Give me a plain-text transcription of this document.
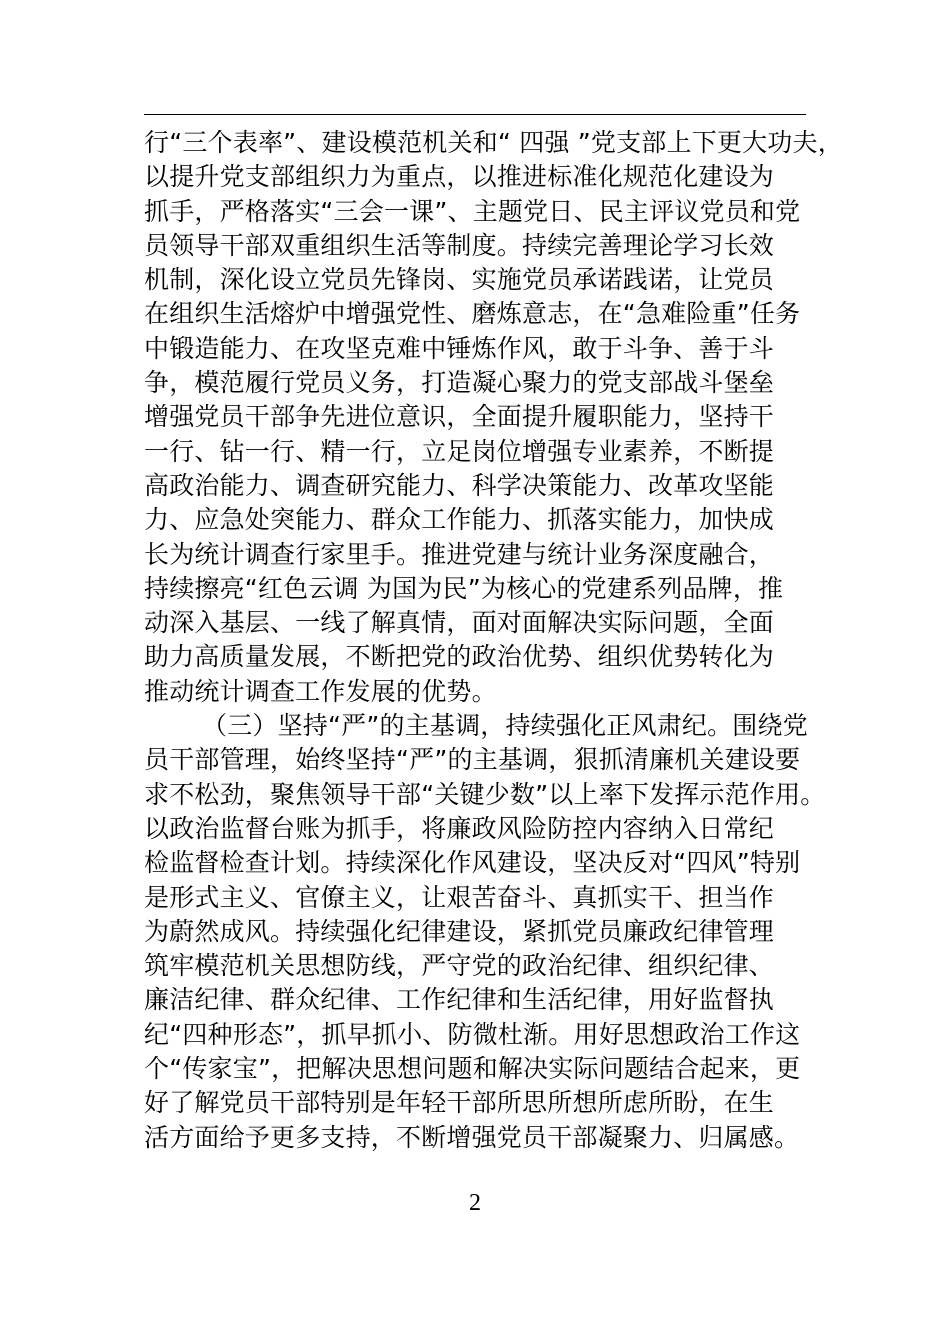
行“三个表率”、建设模范机关和“ 四强 ”党支部上下更大功夫，
以提升党支部组织力为重点，以推进标准化规范化建设为
抓手，严格落实“三会一课”、主题党日、民主评议党员和党
员领导干部双重组织生活等制度。持续完善理论学习长效
机制，深化设立党员先锋岗、实施党员承诺践诺，让党员
在组织生活熔炉中增强党性、磨炼意志，在“急难险重”任务
中锻造能力、在攻坚克难中锤炼作风，敢于斗争、善于斗
争，模范履行党员义务，打造凝心聚力的党支部战斗堡垒
增强党员干部争先进位意识，全面提升履职能力，坚持干
一行、钻一行、精一行，立足岗位增强专业素养，不断提
高政治能力、调查研究能力、科学决策能力、改革攻坚能
力、应急处突能力、群众工作能力、抓落实能力，加快成
长为统计调查行家里手。推进党建与统计业务深度融合，
持续擦亮“红色云调 为国为民”为核心的党建系列品牌，推
动深入基层、一线了解真情，面对面解决实际问题，全面
助力高质量发展，不断把党的政治优势、组织优势转化为
推动统计调查工作发展的优势。
（三）坚持“严”的主基调，持续强化正风肃纪。围绕党
员干部管理，始终坚持“严”的主基调，狠抓清廉机关建设要
求不松劲，聚焦领导干部“关键少数”以上率下发挥示范作用。
以政治监督台账为抓手，将廉政风险防控内容纳入日常纪
检监督检查计划。持续深化作风建设，坚决反对“四风”特别
是形式主义、官僚主义，让艰苦奋斗、真抓实干、担当作
为蔚然成风。持续强化纪律建设，紧抓党员廉政纪律管理
筑牢模范机关思想防线，严守党的政治纪律、组织纪律、
廉洁纪律、群众纪律、工作纪律和生活纪律，用好监督执
纪“四种形态”，抓早抓小、防微杜渐。用好思想政治工作这
个“传家宝”，把解决思想问题和解决实际问题结合起来，更
好了解党员干部特别是年轻干部所思所想所虑所盼，在生
活方面给予更多支持，不断增强党员干部凝聚力、归属感。
2
